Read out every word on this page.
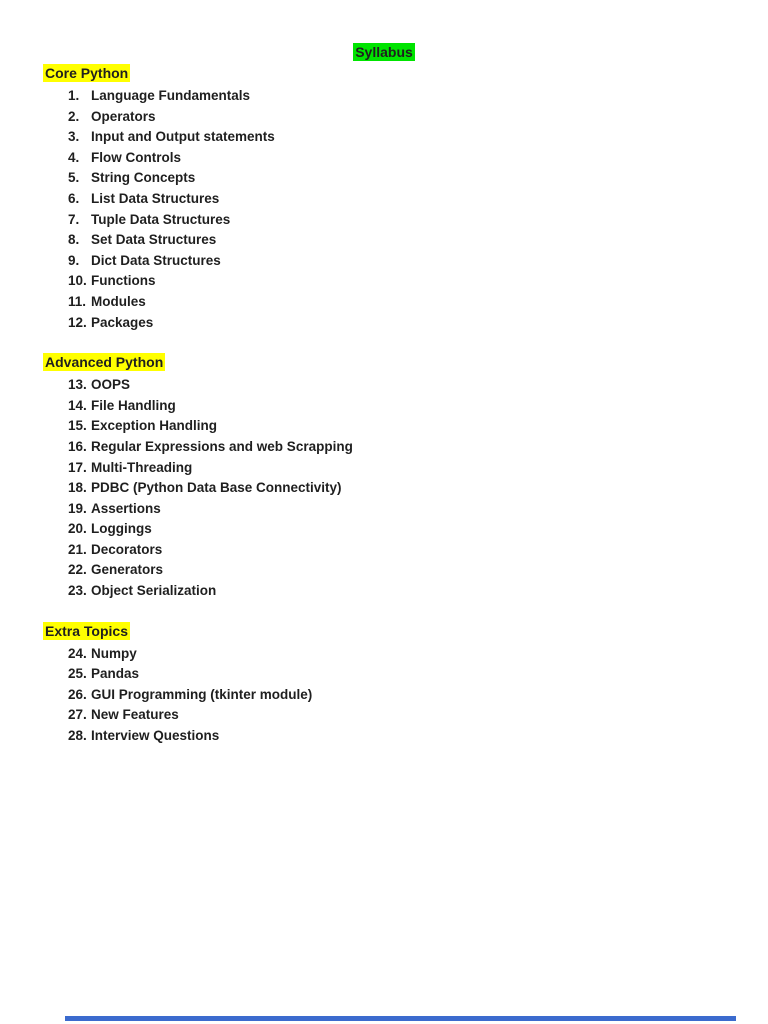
Syllabus
Core Python
1. Language Fundamentals
2. Operators
3. Input and Output statements
4. Flow Controls
5. String Concepts
6. List Data Structures
7. Tuple Data Structures
8. Set Data Structures
9. Dict Data Structures
10. Functions
11. Modules
12. Packages
Advanced Python
13. OOPS
14. File Handling
15. Exception Handling
16. Regular Expressions and web Scrapping
17. Multi-Threading
18. PDBC (Python Data Base Connectivity)
19. Assertions
20. Loggings
21. Decorators
22. Generators
23. Object Serialization
Extra Topics
24. Numpy
25. Pandas
26. GUI Programming (tkinter module)
27. New Features
28. Interview Questions
